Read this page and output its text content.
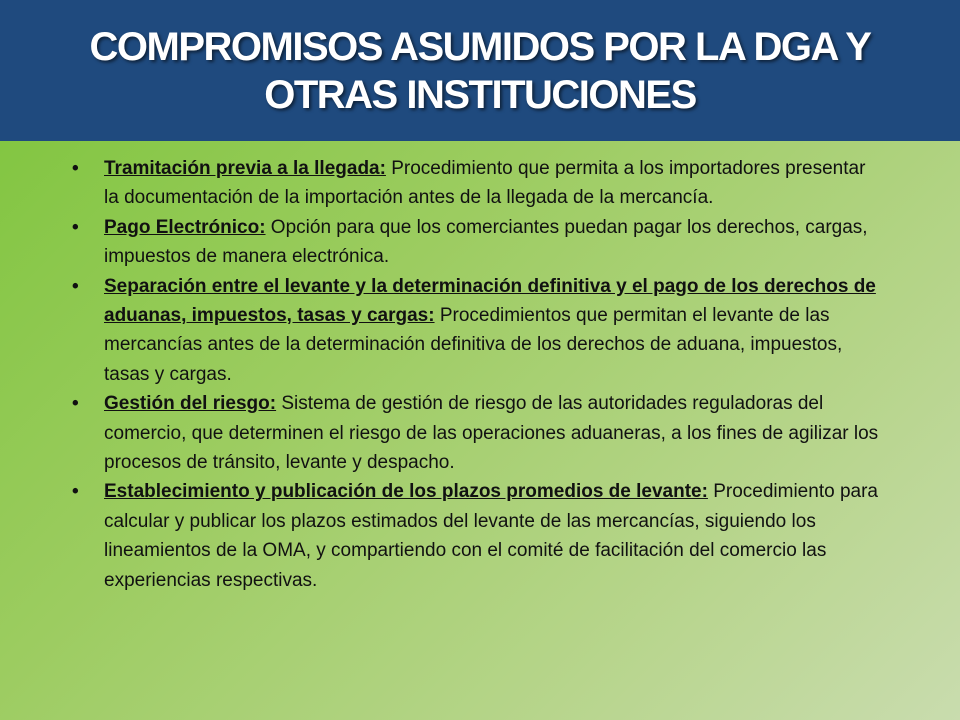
COMPROMISOS ASUMIDOS POR LA DGA Y
OTRAS INSTITUCIONES
• Tramitación previa a la llegada: Procedimiento que permita a los importadores presentar la documentación de la importación antes de la llegada de la mercancía.
• Pago Electrónico: Opción para que los comerciantes puedan pagar los derechos, cargas, impuestos de manera electrónica.
• Separación entre el levante y la determinación definitiva y el pago de los derechos de aduanas, impuestos, tasas y cargas: Procedimientos que permitan el levante de las mercancías antes de la determinación definitiva de los derechos de aduana, impuestos, tasas y cargas.
• Gestión del riesgo: Sistema de gestión de riesgo de las autoridades reguladoras del comercio, que determinen el riesgo de las operaciones aduaneras, a los fines de agilizar los procesos de tránsito, levante y despacho.
• Establecimiento y publicación de los plazos promedios de levante: Procedimiento para calcular y publicar los plazos estimados del levante de las mercancías, siguiendo los lineamientos de la OMA, y compartiendo con el comité de facilitación del comercio las experiencias respectivas.
